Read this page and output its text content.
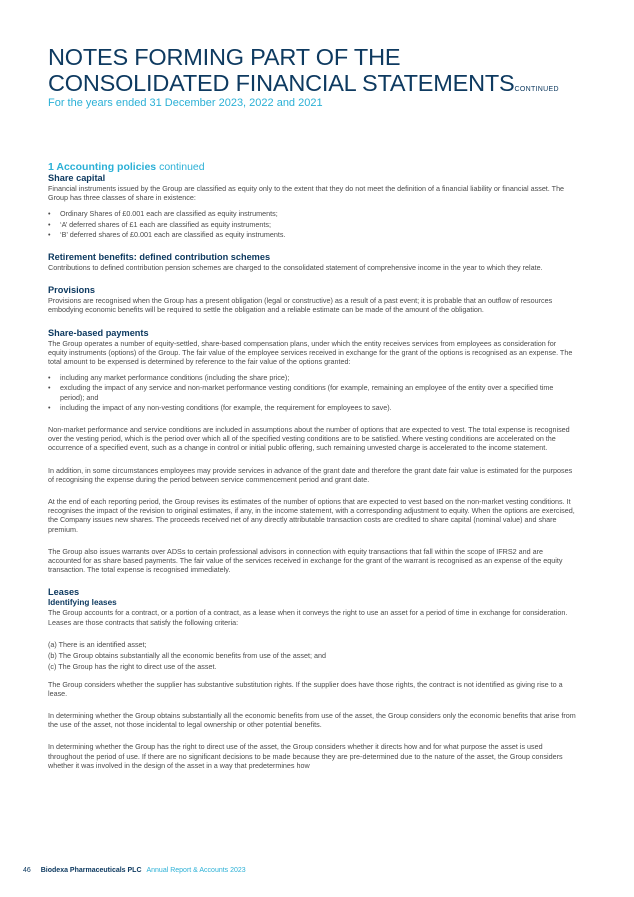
NOTES FORMING PART OF THE
CONSOLIDATED FINANCIAL STATEMENTSCONTINUED
For the years ended 31 December 2023, 2022 and 2021
1 Accounting policies continued
Share capital

Financial instruments issued by the Group are classified as equity only to the extent that they do not meet the definition of a financial liability or financial asset. The Group has three classes of share in existence:

• Ordinary Shares of £0.001 each are classified as equity instruments;
• ‘A’ deferred shares of £1 each are classified as equity instruments;
• ‘B’ deferred shares of £0.001 each are classified as equity instruments.
Retirement benefits: defined contribution schemes

Contributions to defined contribution pension schemes are charged to the consolidated statement of comprehensive income in the year to which they relate.

Provisions

Provisions are recognised when the Group has a present obligation (legal or constructive) as a result of a past event; it is probable that an outflow of resources embodying economic benefits will be required to settle the obligation and a reliable estimate can be made of the amount of the obligation.

Share-based payments

The Group operates a number of equity-settled, share-based compensation plans, under which the entity receives services from employees as consideration for equity instruments (options) of the Group. The fair value of the employee services received in exchange for the grant of the options is recognised as an expense. The total amount to be expensed is determined by reference to the fair value of the options granted:

• including any market performance conditions (including the share price);
• excluding the impact of any service and non-market performance vesting conditions (for example, remaining an employee of the entity over a specified time period); and
• including the impact of any non-vesting conditions (for example, the requirement for employees to save).

Non-market performance and service conditions are included in assumptions about the number of options that are expected to vest. The total expense is recognised over the vesting period, which is the period over which all of the specified vesting conditions are to be satisfied. Where vesting conditions are accelerated on the occurrence of a specified event, such as a change in control or initial public offering, such remaining unvested charge is accelerated to the income statement.

In addition, in some circumstances employees may provide services in advance of the grant date and therefore the grant date fair value is estimated for the purposes of recognising the expense during the period between service commencement period and grant date.

At the end of each reporting period, the Group revises its estimates of the number of options that are expected to vest based on the non-market vesting conditions. It recognises the impact of the revision to original estimates, if any, in the income statement, with a corresponding adjustment to equity. When the options are exercised, the Company issues new shares. The proceeds received net of any directly attributable transaction costs are credited to share capital (nominal value) and share premium.

The Group also issues warrants over ADSs to certain professional advisors in connection with equity transactions that fall within the scope of IFRS2 and are accounted for as share based payments. The fair value of the services received in exchange for the grant of the warrant is recognised as an expense of the equity transaction. The total expense is recognised immediately.

Leases
Identifying leases

The Group accounts for a contract, or a portion of a contract, as a lease when it conveys the right to use an asset for a period of time in exchange for consideration. Leases are those contracts that satisfy the following criteria:

(a) There is an identified asset;
(b) The Group obtains substantially all the economic benefits from use of the asset; and
(c) The Group has the right to direct use of the asset.

The Group considers whether the supplier has substantive substitution rights. If the supplier does have those rights, the contract is not identified as giving rise to a lease.

In determining whether the Group obtains substantially all the economic benefits from use of the asset, the Group considers only the economic benefits that arise from the use of the asset, not those incidental to legal ownership or other potential benefits.

In determining whether the Group has the right to direct use of the asset, the Group considers whether it directs how and for what purpose the asset is used throughout the period of use. If there are no significant decisions to be made because they are pre-determined due to the nature of the asset, the Group considers whether it was involved in the design of the asset in a way that predetermines how

46 Biodexa Pharmaceuticals PLC Annual Report & Accounts 2023
